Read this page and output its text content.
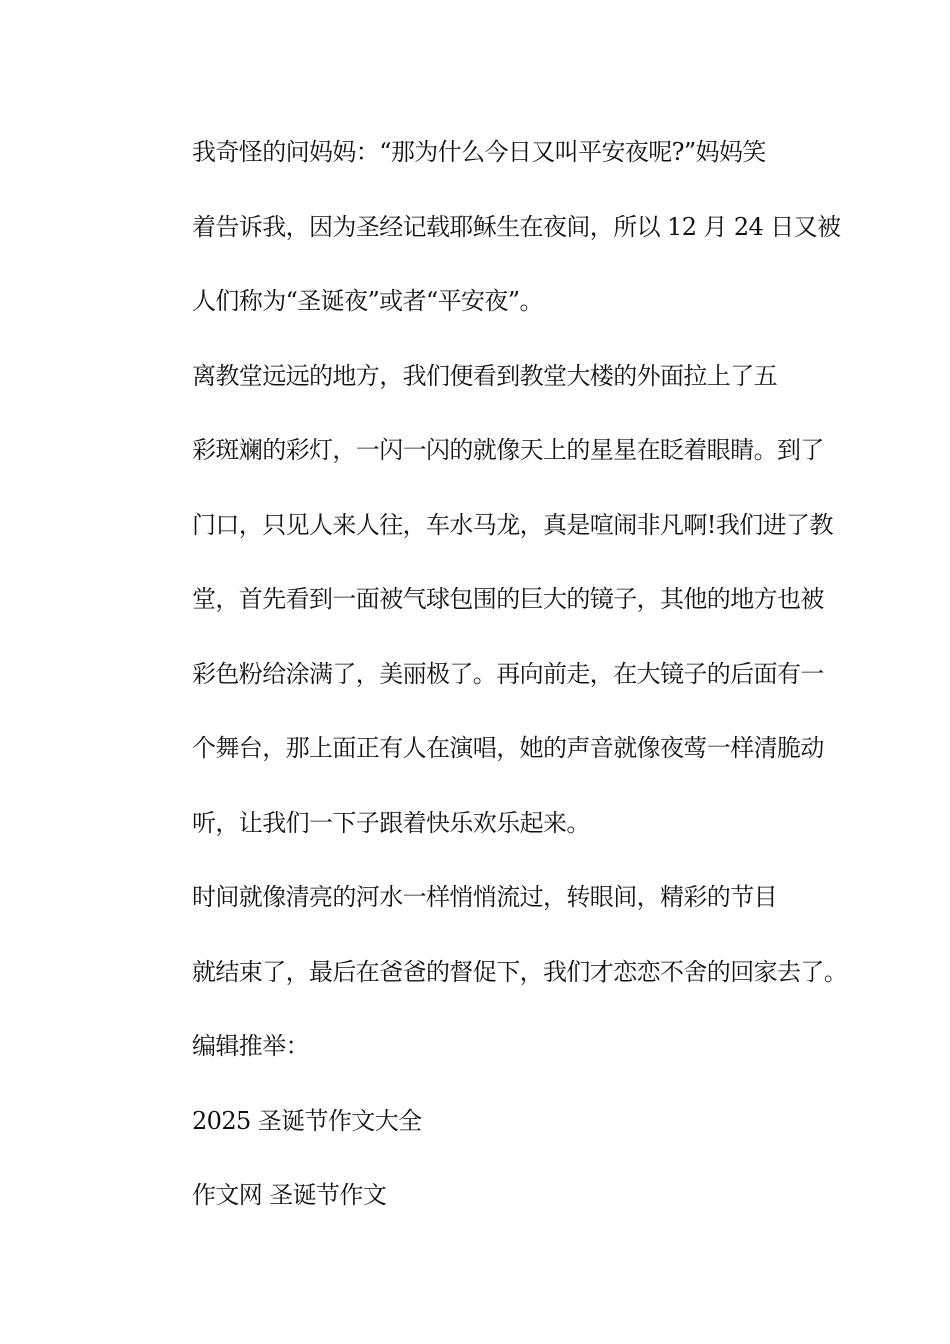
我奇怪的问妈妈：“那为什么今日又叫平安夜呢?”妈妈笑
着告诉我，因为圣经记载耶稣生在夜间，所以 12 月 24 日又被
人们称为“圣诞夜”或者“平安夜”。

离教堂远远的地方，我们便看到教堂大楼的外面拉上了五
彩斑斓的彩灯，一闪一闪的就像天上的星星在眨着眼睛。到了
门口，只见人来人往，车水马龙，真是喧闹非凡啊!我们进了教
堂，首先看到一面被气球包围的巨大的镜子，其他的地方也被
彩色粉给涂满了，美丽极了。再向前走，在大镜子的后面有一
个舞台，那上面正有人在演唱，她的声音就像夜莺一样清脆动
听，让我们一下子跟着快乐欢乐起来。

时间就像清亮的河水一样悄悄流过，转眼间，精彩的节目
就结束了，最后在爸爸的督促下，我们才恋恋不舍的回家去了。

编辑推举：

2025 圣诞节作文大全

作文网 圣诞节作文
